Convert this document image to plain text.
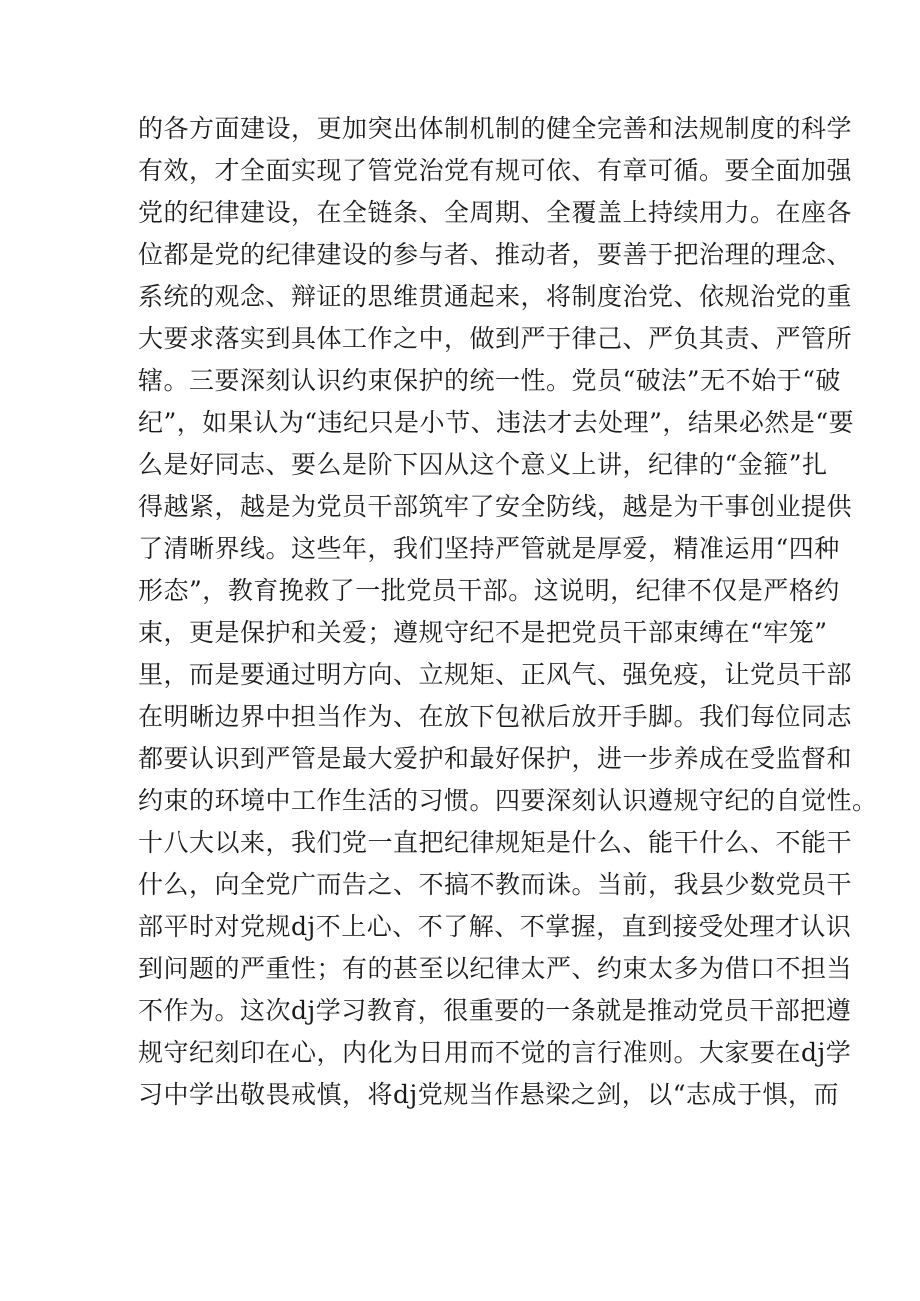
的各方面建设，更加突出体制机制的健全完善和法规制度的科学
有效，才全面实现了管党治党有规可依、有章可循。要全面加强
党的纪律建设，在全链条、全周期、全覆盖上持续用力。在座各
位都是党的纪律建设的参与者、推动者，要善于把治理的理念、
系统的观念、辩证的思维贯通起来，将制度治党、依规治党的重
大要求落实到具体工作之中，做到严于律己、严负其责、严管所
辖。三要深刻认识约束保护的统一性。党员“破法”无不始于“破
纪”，如果认为“违纪只是小节、违法才去处理”，结果必然是“要
么是好同志、要么是阶下囚从这个意义上讲，纪律的“金箍”扎
得越紧，越是为党员干部筑牢了安全防线，越是为干事创业提供
了清晰界线。这些年，我们坚持严管就是厚爱，精准运用“四种
形态”，教育挽救了一批党员干部。这说明，纪律不仅是严格约
束，更是保护和关爱；遵规守纪不是把党员干部束缚在“牢笼”
里，而是要通过明方向、立规矩、正风气、强免疫，让党员干部
在明晰边界中担当作为、在放下包袱后放开手脚。我们每位同志
都要认识到严管是最大爱护和最好保护，进一步养成在受监督和
约束的环境中工作生活的习惯。四要深刻认识遵规守纪的自觉性。
十八大以来，我们党一直把纪律规矩是什么、能干什么、不能干
什么，向全党广而告之、不搞不教而诛。当前，我县少数党员干
部平时对党规dj不上心、不了解、不掌握，直到接受处理才认识
到问题的严重性；有的甚至以纪律太严、约束太多为借口不担当
不作为。这次dj学习教育，很重要的一条就是推动党员干部把遵
规守纪刻印在心，内化为日用而不觉的言行准则。大家要在dj学
习中学出敬畏戒慎，将dj党规当作悬梁之剑，以“志成于惧，而
